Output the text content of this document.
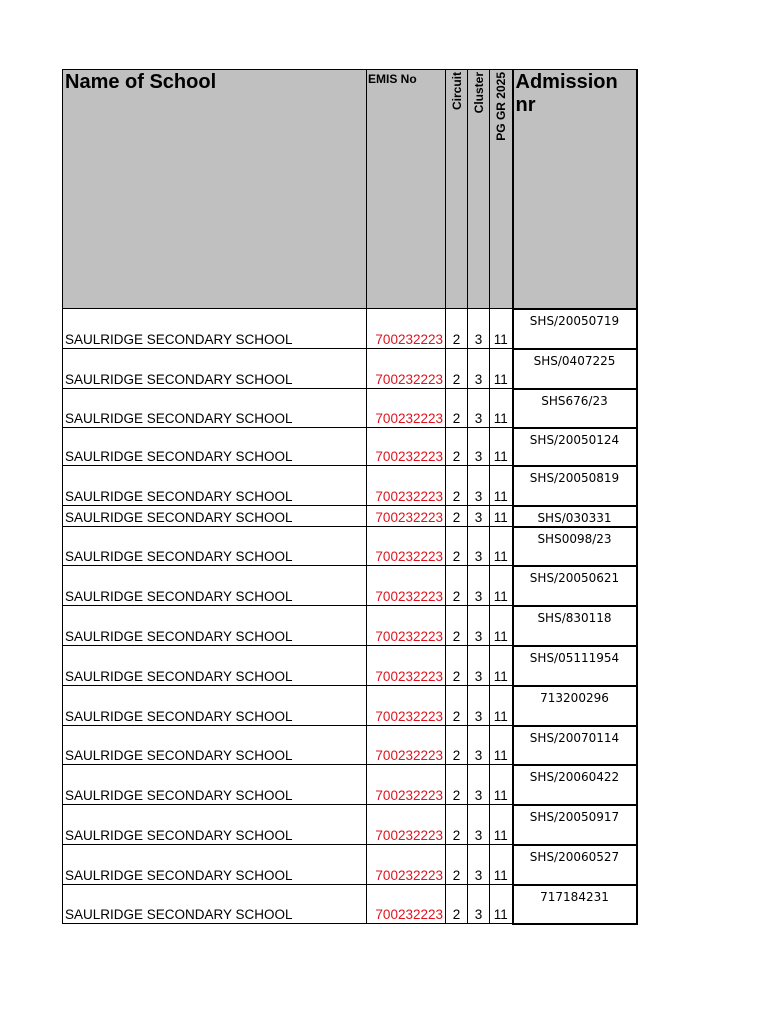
Name of School	EMIS No	Circuit	Cluster	PG GR 2025	Admission nr
SAULRIDGE SECONDARY SCHOOL	700232223	2	3	11	SHS/20050719
SAULRIDGE SECONDARY SCHOOL	700232223	2	3	11	SHS/0407225
SAULRIDGE SECONDARY SCHOOL	700232223	2	3	11	SHS676/23
SAULRIDGE SECONDARY SCHOOL	700232223	2	3	11	SHS/20050124
SAULRIDGE SECONDARY SCHOOL	700232223	2	3	11	SHS/20050819
SAULRIDGE SECONDARY SCHOOL	700232223	2	3	11	SHS/030331
SAULRIDGE SECONDARY SCHOOL	700232223	2	3	11	SHS0098/23
SAULRIDGE SECONDARY SCHOOL	700232223	2	3	11	SHS/20050621
SAULRIDGE SECONDARY SCHOOL	700232223	2	3	11	SHS/830118
SAULRIDGE SECONDARY SCHOOL	700232223	2	3	11	SHS/05111954
SAULRIDGE SECONDARY SCHOOL	700232223	2	3	11	713200296
SAULRIDGE SECONDARY SCHOOL	700232223	2	3	11	SHS/20070114
SAULRIDGE SECONDARY SCHOOL	700232223	2	3	11	SHS/20060422
SAULRIDGE SECONDARY SCHOOL	700232223	2	3	11	SHS/20050917
SAULRIDGE SECONDARY SCHOOL	700232223	2	3	11	SHS/20060527
SAULRIDGE SECONDARY SCHOOL	700232223	2	3	11	717184231
